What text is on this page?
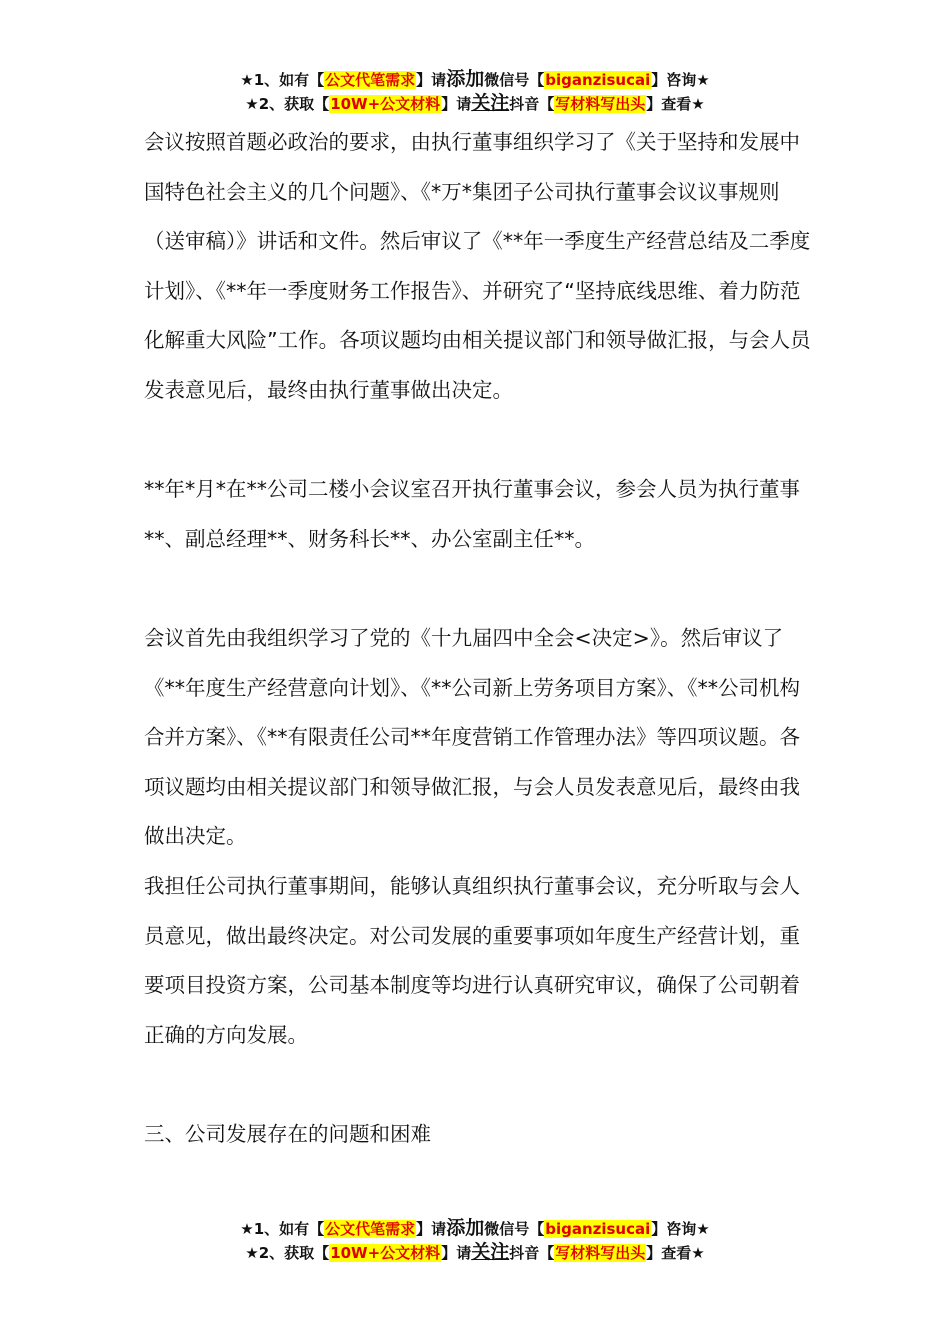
★1、如有【公文代笔需求】请添加微信号【biganzisucai】咨询★
★2、获取【10W+公文材料】请关注抖音【写材料写出头】查看★

会议按照首题必政治的要求，由执行董事组织学习了《关于坚持和发展中国特色社会主义的几个问题》、《*万*集团子公司执行董事会议议事规则（送审稿）》讲话和文件。然后审议了《**年一季度生产经营总结及二季度计划》、《**年一季度财务工作报告》、并研究了“坚持底线思维、着力防范化解重大风险”工作。各项议题均由相关提议部门和领导做汇报，与会人员发表意见后，最终由执行董事做出决定。

**年*月*在**公司二楼小会议室召开执行董事会议，参会人员为执行董事**、副总经理**、财务科长**、办公室副主任**。

会议首先由我组织学习了党的《十九届四中全会<决定>》。然后审议了《**年度生产经营意向计划》、《**公司新上劳务项目方案》、《**公司机构合并方案》、《**有限责任公司**年度营销工作管理办法》等四项议题。各项议题均由相关提议部门和领导做汇报，与会人员发表意见后，最终由我做出决定。

我担任公司执行董事期间，能够认真组织执行董事会议，充分听取与会人员意见，做出最终决定。对公司发展的重要事项如年度生产经营计划，重要项目投资方案，公司基本制度等均进行认真研究审议，确保了公司朝着正确的方向发展。

三、公司发展存在的问题和困难

★1、如有【公文代笔需求】请添加微信号【biganzisucai】咨询★
★2、获取【10W+公文材料】请关注抖音【写材料写出头】查看★
